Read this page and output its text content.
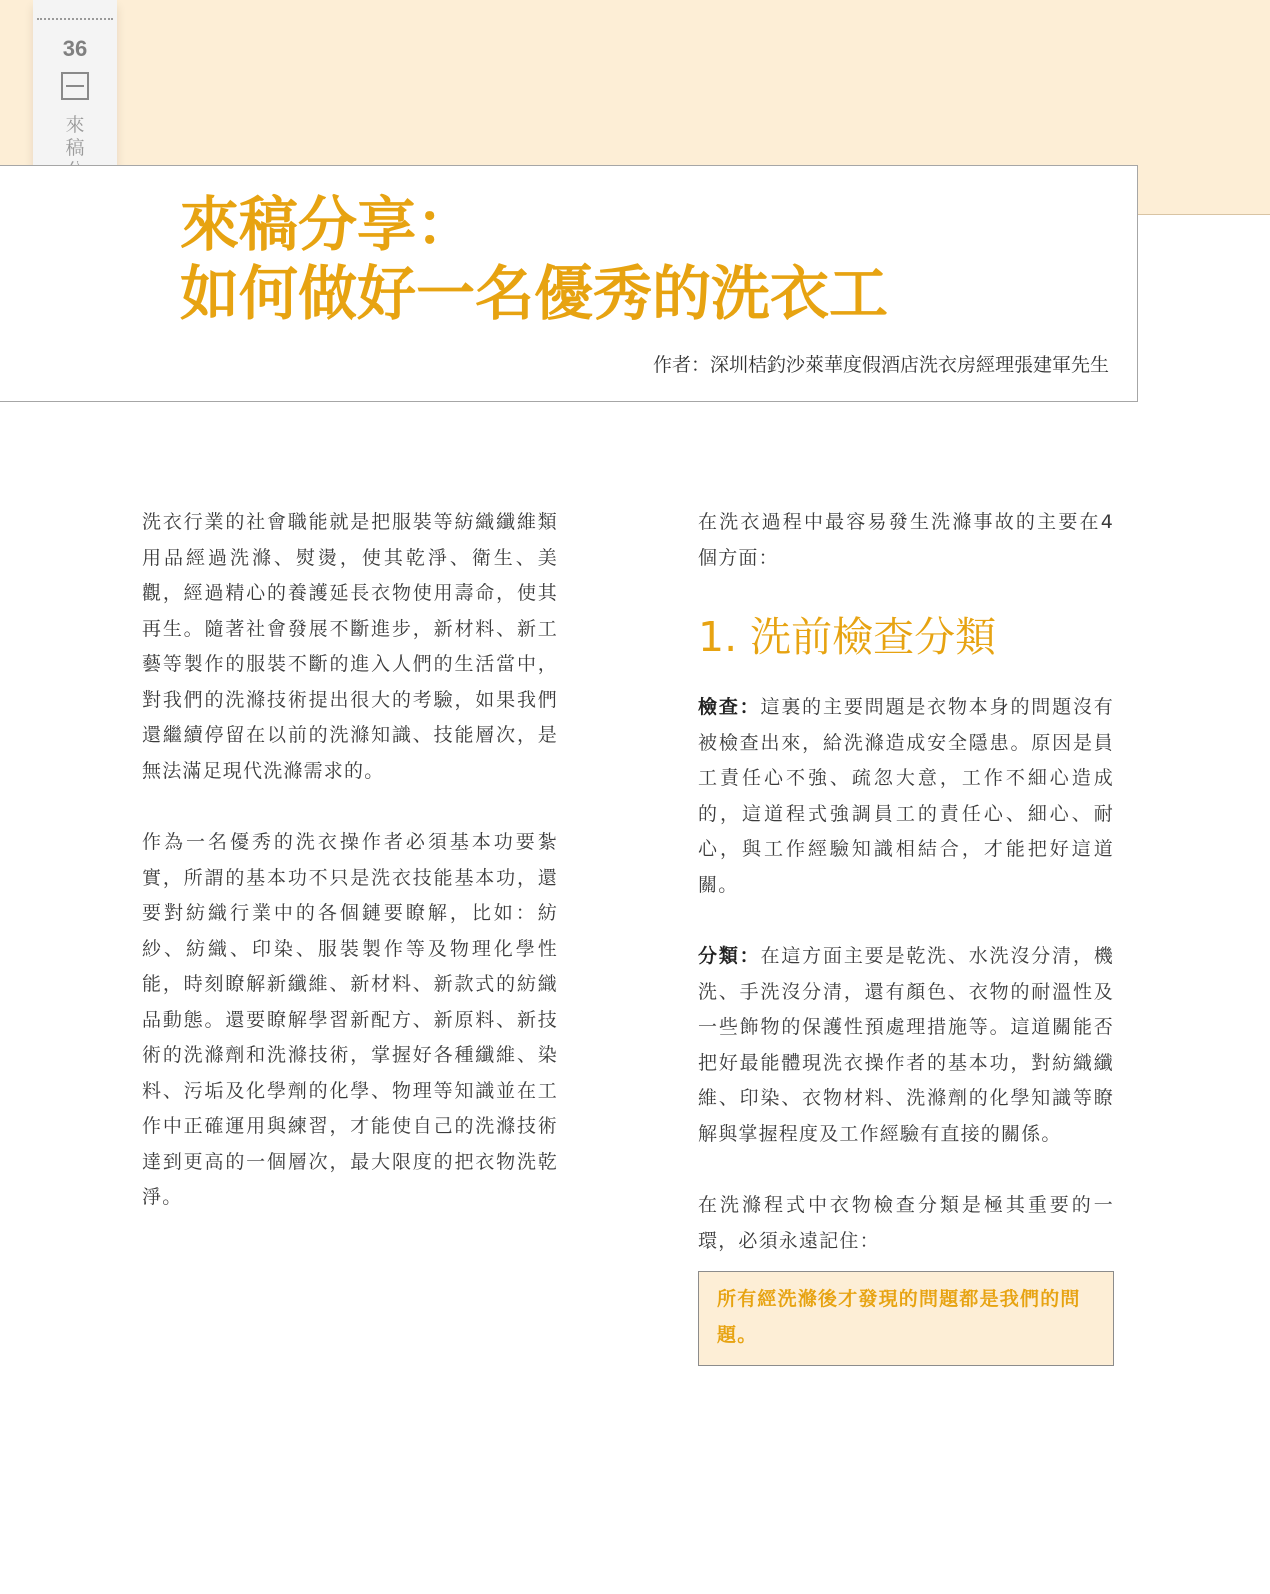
36
來
稿

來稿分享：
如何做好一名優秀的洗衣工
作者：深圳桔釣沙萊華度假酒店洗衣房經理張建軍先生

洗衣行業的社會職能就是把服裝等紡織纖維類用品經過洗滌、熨燙，使其乾淨、衛生、美觀，經過精心的養護延長衣物使用壽命，使其再生。隨著社會發展不斷進步，新材料、新工藝等製作的服裝不斷的進入人們的生活當中，對我們的洗滌技術提出很大的考驗，如果我們還繼續停留在以前的洗滌知識、技能層次，是無法滿足現代洗滌需求的。

作為一名優秀的洗衣操作者必須基本功要紮實，所謂的基本功不只是洗衣技能基本功，還要對紡織行業中的各個鏈要瞭解，比如：紡紗、紡織、印染、服裝製作等及物理化學性能，時刻瞭解新纖維、新材料、新款式的紡織品動態。還要瞭解學習新配方、新原料、新技術的洗滌劑和洗滌技術，掌握好各種纖維、染料、污垢及化學劑的化學、物理等知識並在工作中正確運用與練習，才能使自己的洗滌技術達到更高的一個層次，最大限度的把衣物洗乾淨。

在洗衣過程中最容易發生洗滌事故的主要在4個方面：

1. 洗前檢查分類

檢查：這裏的主要問題是衣物本身的問題沒有被檢查出來，給洗滌造成安全隱患。原因是員工責任心不強、疏忽大意，工作不細心造成的，這道程式強調員工的責任心、細心、耐心，與工作經驗知識相結合，才能把好這道關。

分類：在這方面主要是乾洗、水洗沒分清，機洗、手洗沒分清，還有顏色、衣物的耐溫性及一些飾物的保護性預處理措施等。這道關能否把好最能體現洗衣操作者的基本功，對紡織纖維、印染、衣物材料、洗滌劑的化學知識等瞭解與掌握程度及工作經驗有直接的關係。

在洗滌程式中衣物檢查分類是極其重要的一環，必須永遠記住：

所有經洗滌後才發現的問題都是我們的問題。
